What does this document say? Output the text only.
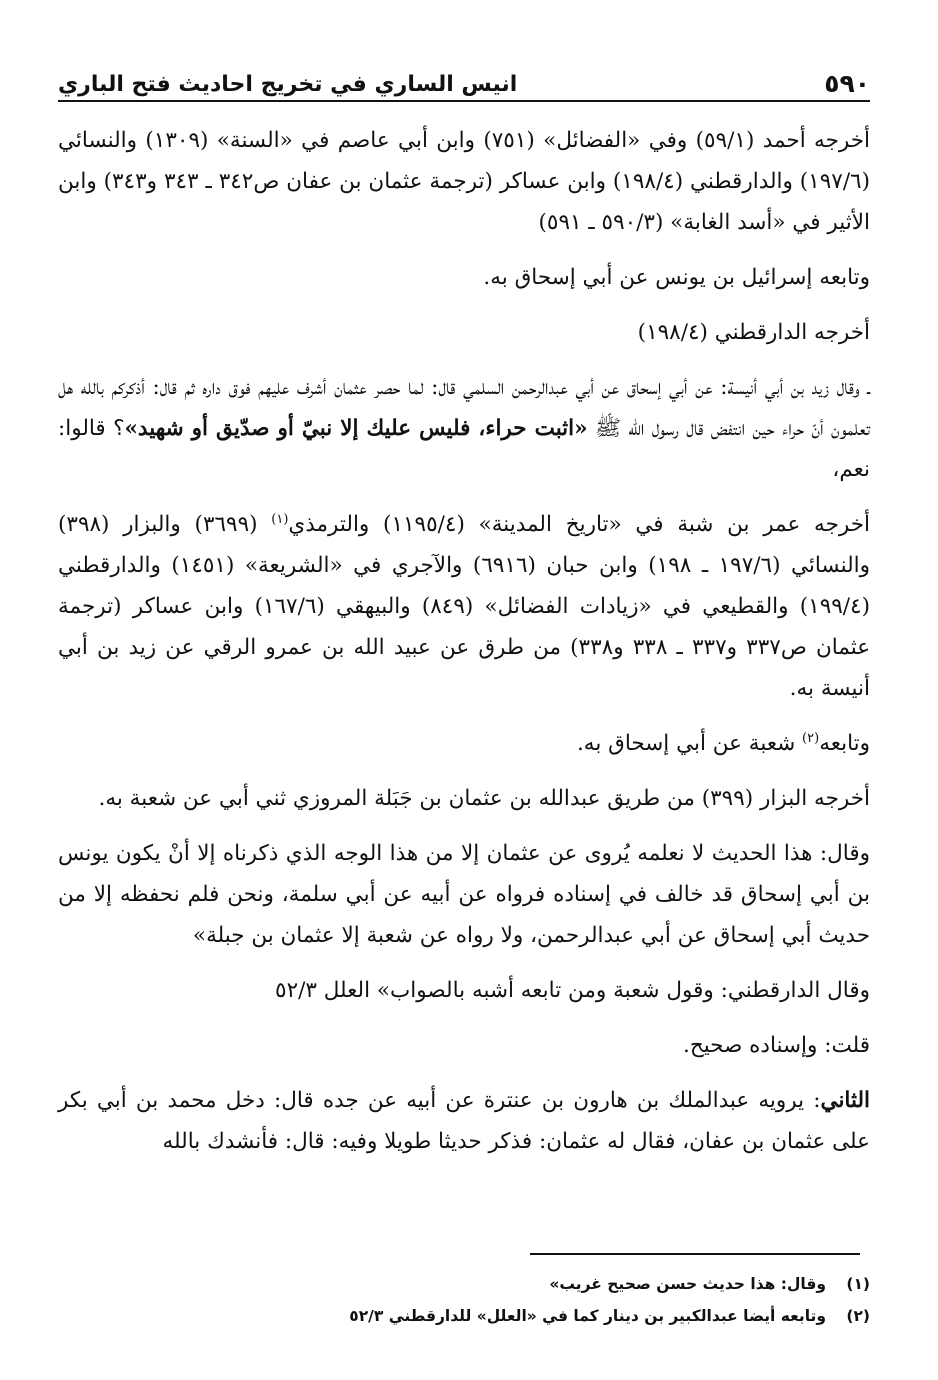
٥٩٠
انيس الساري في تخريج احاديث فتح الباري

أخرجه أحمد (٥٩/١) وفي «الفضائل» (٧٥١) وابن أبي عاصم في «السنة» (١٣٠٩) والنسائي (١٩٧/٦) والدارقطني (١٩٨/٤) وابن عساكر (ترجمة عثمان بن عفان ص٣٤٢ ـ ٣٤٣ و٣٤٣) وابن الأثير في «أسد الغابة» (٥٩٠/٣ ـ ٥٩١)

وتابعه إسرائيل بن يونس عن أبي إسحاق به.

أخرجه الدارقطني (١٩٨/٤)

ـ وقال زيد بن أبي أنيسة: عن أبي إسحاق عن أبي عبدالرحمن السلمي قال: لما حصر عثمان أشرف عليهم فوق داره ثم قال: أذكركم بالله هل تعلمون أنّ حراء حين انتفض قال رسول الله ﷺ «اثبت حراء، فليس عليك إلا نبيّ أو صدّيق أو شهيد»؟ قالوا: نعم،

أخرجه عمر بن شبة في «تاريخ المدينة» (١١٩٥/٤) والترمذي$^{(١)}$ (٣٦٩٩) والبزار (٣٩٨) والنسائي (١٩٧/٦ ـ ١٩٨) وابن حبان (٦٩١٦) والآجري في «الشريعة» (١٤٥١) والدارقطني (١٩٩/٤) والقطيعي في «زيادات الفضائل» (٨٤٩) والبيهقي (١٦٧/٦) وابن عساكر (ترجمة عثمان ص٣٣٧ و٣٣٧ ـ ٣٣٨ و٣٣٨) من طرق عن عبيد الله بن عمرو الرقي عن زيد بن أبي أنيسة به.

وتابعه$^{(٢)}$ شعبة عن أبي إسحاق به.

أخرجه البزار (٣٩٩) من طريق عبدالله بن عثمان بن جَبَلة المروزي ثني أبي عن شعبة به.

وقال: هذا الحديث لا نعلمه يُروى عن عثمان إلا من هذا الوجه الذي ذكرناه إلا أنْ يكون يونس بن أبي إسحاق قد خالف في إسناده فرواه عن أبيه عن أبي سلمة، ونحن فلم نحفظه إلا من حديث أبي إسحاق عن أبي عبدالرحمن، ولا رواه عن شعبة إلا عثمان بن جبلة»

وقال الدارقطني: وقول شعبة ومن تابعه أشبه بالصواب» العلل ٥٢/٣

قلت: وإسناده صحيح.

الثاني: يرويه عبدالملك بن هارون بن عنترة عن أبيه عن جده قال: دخل محمد بن أبي بكر على عثمان بن عفان، فقال له عثمان: فذكر حديثا طويلا وفيه: قال: فأنشدك بالله

(١)
وقال: هذا حديث حسن صحيح غريب»
(٢)
وتابعه أيضا عبدالكبير بن دينار كما في «العلل» للدارقطني ٥٢/٣
